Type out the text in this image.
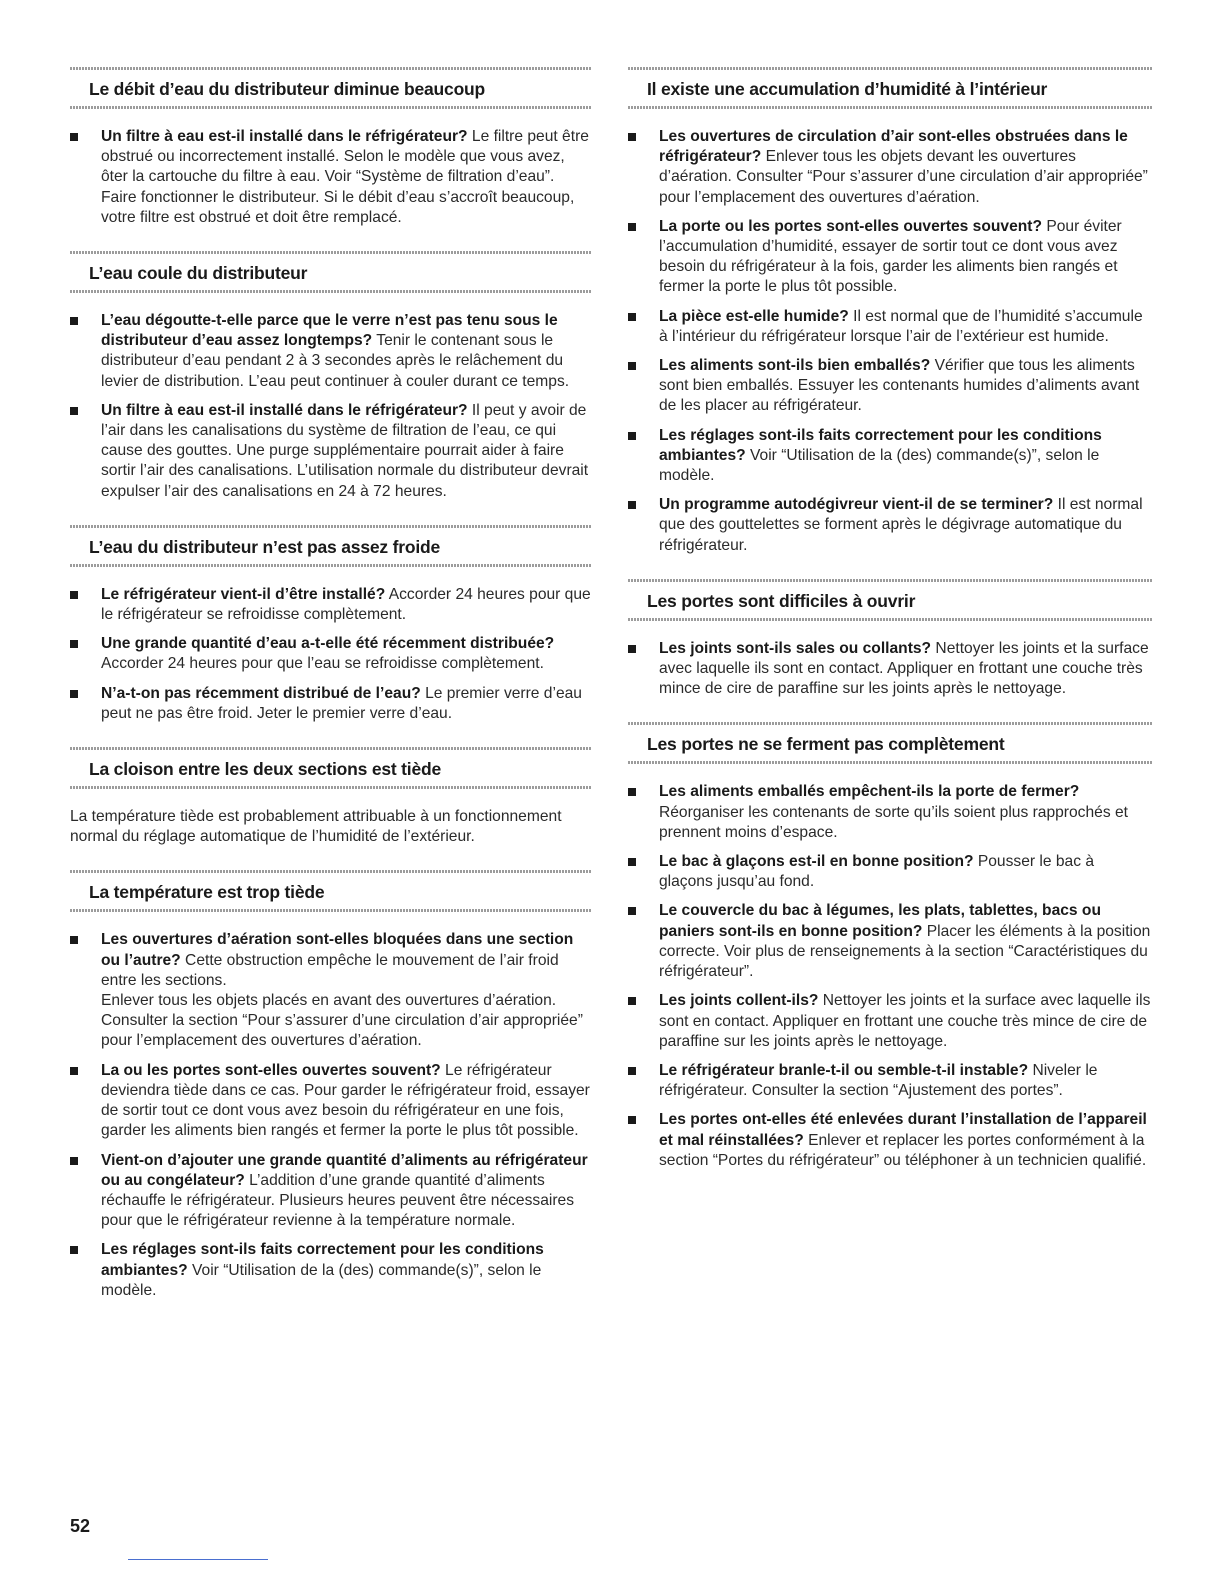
Le débit d’eau du distributeur diminue beaucoup
Un filtre à eau est-il installé dans le réfrigérateur? Le filtre peut être obstrué ou incorrectement installé. Selon le modèle que vous avez, ôter la cartouche du filtre à eau. Voir “Système de filtration d’eau”. Faire fonctionner le distributeur. Si le débit d’eau s’accroît beaucoup, votre filtre est obstrué et doit être remplacé.
L’eau coule du distributeur
L’eau dégoutte-t-elle parce que le verre n’est pas tenu sous le distributeur d’eau assez longtemps? Tenir le contenant sous le distributeur d’eau pendant 2 à 3 secondes après le relâchement du levier de distribution. L’eau peut continuer à couler durant ce temps.
Un filtre à eau est-il installé dans le réfrigérateur? Il peut y avoir de l’air dans les canalisations du système de filtration de l’eau, ce qui cause des gouttes. Une purge supplémentaire pourrait aider à faire sortir l’air des canalisations. L’utilisation normale du distributeur devrait expulser l’air des canalisations en 24 à 72 heures.
L’eau du distributeur n’est pas assez froide
Le réfrigérateur vient-il d’être installé? Accorder 24 heures pour que le réfrigérateur se refroidisse complètement.
Une grande quantité d’eau a-t-elle été récemment distribuée? Accorder 24 heures pour que l’eau se refroidisse complètement.
N’a-t-on pas récemment distribué de l’eau? Le premier verre d’eau peut ne pas être froid. Jeter le premier verre d’eau.
La cloison entre les deux sections est tiède

La température tiède est probablement attribuable à un fonctionnement normal du réglage automatique de l’humidité de l’extérieur.

La température est trop tiède
Les ouvertures d’aération sont-elles bloquées dans une section ou l’autre? Cette obstruction empêche le mouvement de l’air froid entre les sections.
Enlever tous les objets placés en avant des ouvertures d’aération. Consulter la section “Pour s’assurer d’une circulation d’air appropriée” pour l’emplacement des ouvertures d’aération.
La ou les portes sont-elles ouvertes souvent? Le réfrigérateur deviendra tiède dans ce cas. Pour garder le réfrigérateur froid, essayer de sortir tout ce dont vous avez besoin du réfrigérateur en une fois, garder les aliments bien rangés et fermer la porte le plus tôt possible.
Vient-on d’ajouter une grande quantité d’aliments au réfrigérateur ou au congélateur? L’addition d’une grande quantité d’aliments réchauffe le réfrigérateur. Plusieurs heures peuvent être nécessaires pour que le réfrigérateur revienne à la température normale.
Les réglages sont-ils faits correctement pour les conditions ambiantes? Voir “Utilisation de la (des) commande(s)”, selon le modèle.
Il existe une accumulation d’humidité à l’intérieur
Les ouvertures de circulation d’air sont-elles obstruées dans le réfrigérateur? Enlever tous les objets devant les ouvertures d’aération. Consulter “Pour s’assurer d’une circulation d’air appropriée” pour l’emplacement des ouvertures d’aération.
La porte ou les portes sont-elles ouvertes souvent? Pour éviter l’accumulation d’humidité, essayer de sortir tout ce dont vous avez besoin du réfrigérateur à la fois, garder les aliments bien rangés et fermer la porte le plus tôt possible.
La pièce est-elle humide? Il est normal que de l’humidité s’accumule à l’intérieur du réfrigérateur lorsque l’air de l’extérieur est humide.
Les aliments sont-ils bien emballés? Vérifier que tous les aliments sont bien emballés. Essuyer les contenants humides d’aliments avant de les placer au réfrigérateur.
Les réglages sont-ils faits correctement pour les conditions ambiantes? Voir “Utilisation de la (des) commande(s)”, selon le modèle.
Un programme autodégivreur vient-il de se terminer? Il est normal que des gouttelettes se forment après le dégivrage automatique du réfrigérateur.
Les portes sont difficiles à ouvrir
Les joints sont-ils sales ou collants? Nettoyer les joints et la surface avec laquelle ils sont en contact. Appliquer en frottant une couche très mince de cire de paraffine sur les joints après le nettoyage.
Les portes ne se ferment pas complètement
Les aliments emballés empêchent-ils la porte de fermer? Réorganiser les contenants de sorte qu’ils soient plus rapprochés et prennent moins d’espace.
Le bac à glaçons est-il en bonne position? Pousser le bac à glaçons jusqu’au fond.
Le couvercle du bac à légumes, les plats, tablettes, bacs ou paniers sont-ils en bonne position? Placer les éléments à la position correcte. Voir plus de renseignements à la section “Caractéristiques du réfrigérateur”.
Les joints collent-ils? Nettoyer les joints et la surface avec laquelle ils sont en contact. Appliquer en frottant une couche très mince de cire de paraffine sur les joints après le nettoyage.
Le réfrigérateur branle-t-il ou semble-t-il instable? Niveler le réfrigérateur. Consulter la section “Ajustement des portes”.
Les portes ont-elles été enlevées durant l’installation de l’appareil et mal réinstallées? Enlever et replacer les portes conformément à la section “Portes du réfrigérateur” ou téléphoner à un technicien qualifié.
52
